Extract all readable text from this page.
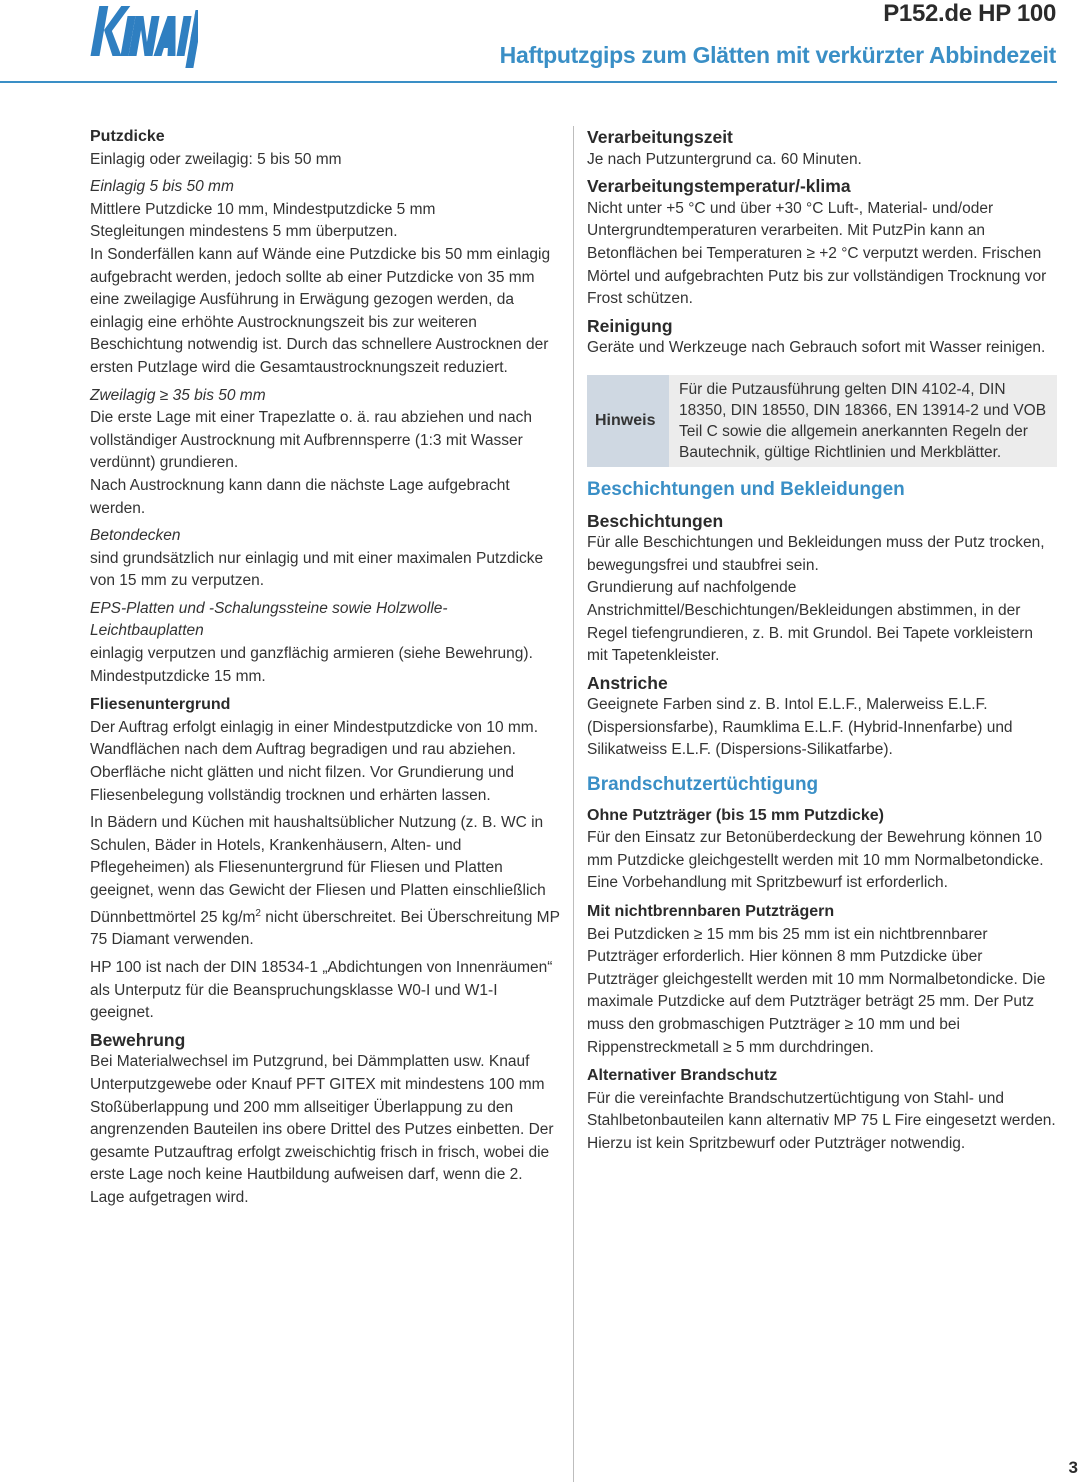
P152.de HP 100
Haftputzgips zum Glätten mit verkürzter Abbindezeit

Putzdicke

Einlagig oder zweilagig: 5 bis 50 mm

Einlagig 5 bis 50 mm

Mittlere Putzdicke 10 mm, Mindestputzdicke 5 mm

Stegleitungen mindestens 5 mm überputzen.

In Sonderfällen kann auf Wände eine Putzdicke bis 50 mm einlagig aufgebracht werden, jedoch sollte ab einer Putzdicke von 35 mm eine zweilagige Ausführung in Erwägung gezogen werden, da einlagig eine erhöhte Austrocknungszeit bis zur weiteren Beschichtung notwendig ist. Durch das schnellere Austrocknen der ersten Putzlage wird die Gesamtaustrocknungszeit reduziert.

Zweilagig ≥ 35 bis 50 mm

Die erste Lage mit einer Trapezlatte o. ä. rau abziehen und nach vollständiger Austrocknung mit Aufbrennsperre (1:3 mit Wasser verdünnt) grundieren.

Nach Austrocknung kann dann die nächste Lage aufgebracht werden.

Betondecken

sind grundsätzlich nur einlagig und mit einer maximalen Putzdicke von 15 mm zu verputzen.

EPS-Platten und -Schalungssteine sowie Holzwolle-Leichtbauplatten

einlagig verputzen und ganzflächig armieren (siehe Bewehrung).

Mindestputzdicke 15 mm.

Fliesenuntergrund

Der Auftrag erfolgt einlagig in einer Mindestputzdicke von 10 mm. Wandflächen nach dem Auftrag begradigen und rau abziehen. Oberfläche nicht glätten und nicht filzen. Vor Grundierung und Fliesenbelegung vollständig trocknen und erhärten lassen.

In Bädern und Küchen mit haushaltsüblicher Nutzung (z. B. WC in Schulen, Bäder in Hotels, Krankenhäusern, Alten- und Pflegeheimen) als Fliesenuntergrund für Fliesen und Platten geeignet, wenn das Gewicht der Fliesen und Platten einschließlich Dünnbettmörtel 25 $kg/m^2$ nicht überschreitet. Bei Überschreitung MP 75 Diamant verwenden.

HP 100 ist nach der DIN 18534-1 „Abdichtungen von Innenräumen“ als Unterputz für die Beanspruchungsklasse W0-I und W1-I geeignet.

Bewehrung

Bei Materialwechsel im Putzgrund, bei Dämmplatten usw. Knauf Unterputzgewebe oder Knauf PFT GITEX mit mindestens 100 mm Stoßüberlappung und 200 mm allseitiger Überlappung zu den angrenzenden Bauteilen ins obere Drittel des Putzes einbetten. Der gesamte Putzauftrag erfolgt zweischichtig frisch in frisch, wobei die erste Lage noch keine Hautbildung aufweisen darf, wenn die 2. Lage aufgetragen wird.

Verarbeitungszeit

Je nach Putzuntergrund ca. 60 Minuten.

Verarbeitungstemperatur/-klima

Nicht unter +5 °C und über +30 °C Luft-, Material- und/oder Untergrundtemperaturen verarbeiten. Mit PutzPin kann an Betonflächen bei Temperaturen ≥ +2 °C verputzt werden. Frischen Mörtel und aufgebrachten Putz bis zur vollständigen Trocknung vor Frost schützen.

Reinigung

Geräte und Werkzeuge nach Gebrauch sofort mit Wasser reinigen.

Hinweis
Für die Putzausführung gelten DIN 4102-4, DIN 18350, DIN 18550, DIN 18366, EN 13914-2 und VOB Teil C sowie die allgemein anerkannten Regeln der Bautechnik, gültige Richtlinien und Merkblätter.

Beschichtungen und Bekleidungen

Beschichtungen

Für alle Beschichtungen und Bekleidungen muss der Putz trocken, bewegungsfrei und staubfrei sein.

Grundierung auf nachfolgende Anstrichmittel/Beschichtungen/Bekleidungen abstimmen, in der Regel tiefengrundieren, z. B. mit Grundol. Bei Tapete vorkleistern mit Tapetenkleister.

Anstriche

Geeignete Farben sind z. B. Intol E.L.F., Malerweiss E.L.F. (Dispersionsfarbe), Raumklima E.L.F. (Hybrid-Innenfarbe) und Silikatweiss E.L.F. (Dispersions-Silikatfarbe).

Brandschutzertüchtigung

Ohne Putzträger (bis 15 mm Putzdicke)

Für den Einsatz zur Betonüberdeckung der Bewehrung können 10 mm Putzdicke gleichgestellt werden mit 10 mm Normalbetondicke. Eine Vorbehandlung mit Spritzbewurf ist erforderlich.

Mit nichtbrennbaren Putzträgern

Bei Putzdicken ≥ 15 mm bis 25 mm ist ein nichtbrennbarer Putzträger erforderlich. Hier können 8 mm Putzdicke über Putzträger gleichgestellt werden mit 10 mm Normalbetondicke. Die maximale Putzdicke auf dem Putzträger beträgt 25 mm. Der Putz muss den grobmaschigen Putzträger ≥ 10 mm und bei Rippenstreckmetall ≥ 5 mm durchdringen.

Alternativer Brandschutz

Für die vereinfachte Brandschutzertüchtigung von Stahl- und Stahlbetonbauteilen kann alternativ MP 75 L Fire eingesetzt werden. Hierzu ist kein Spritzbewurf oder Putzträger notwendig.

3
